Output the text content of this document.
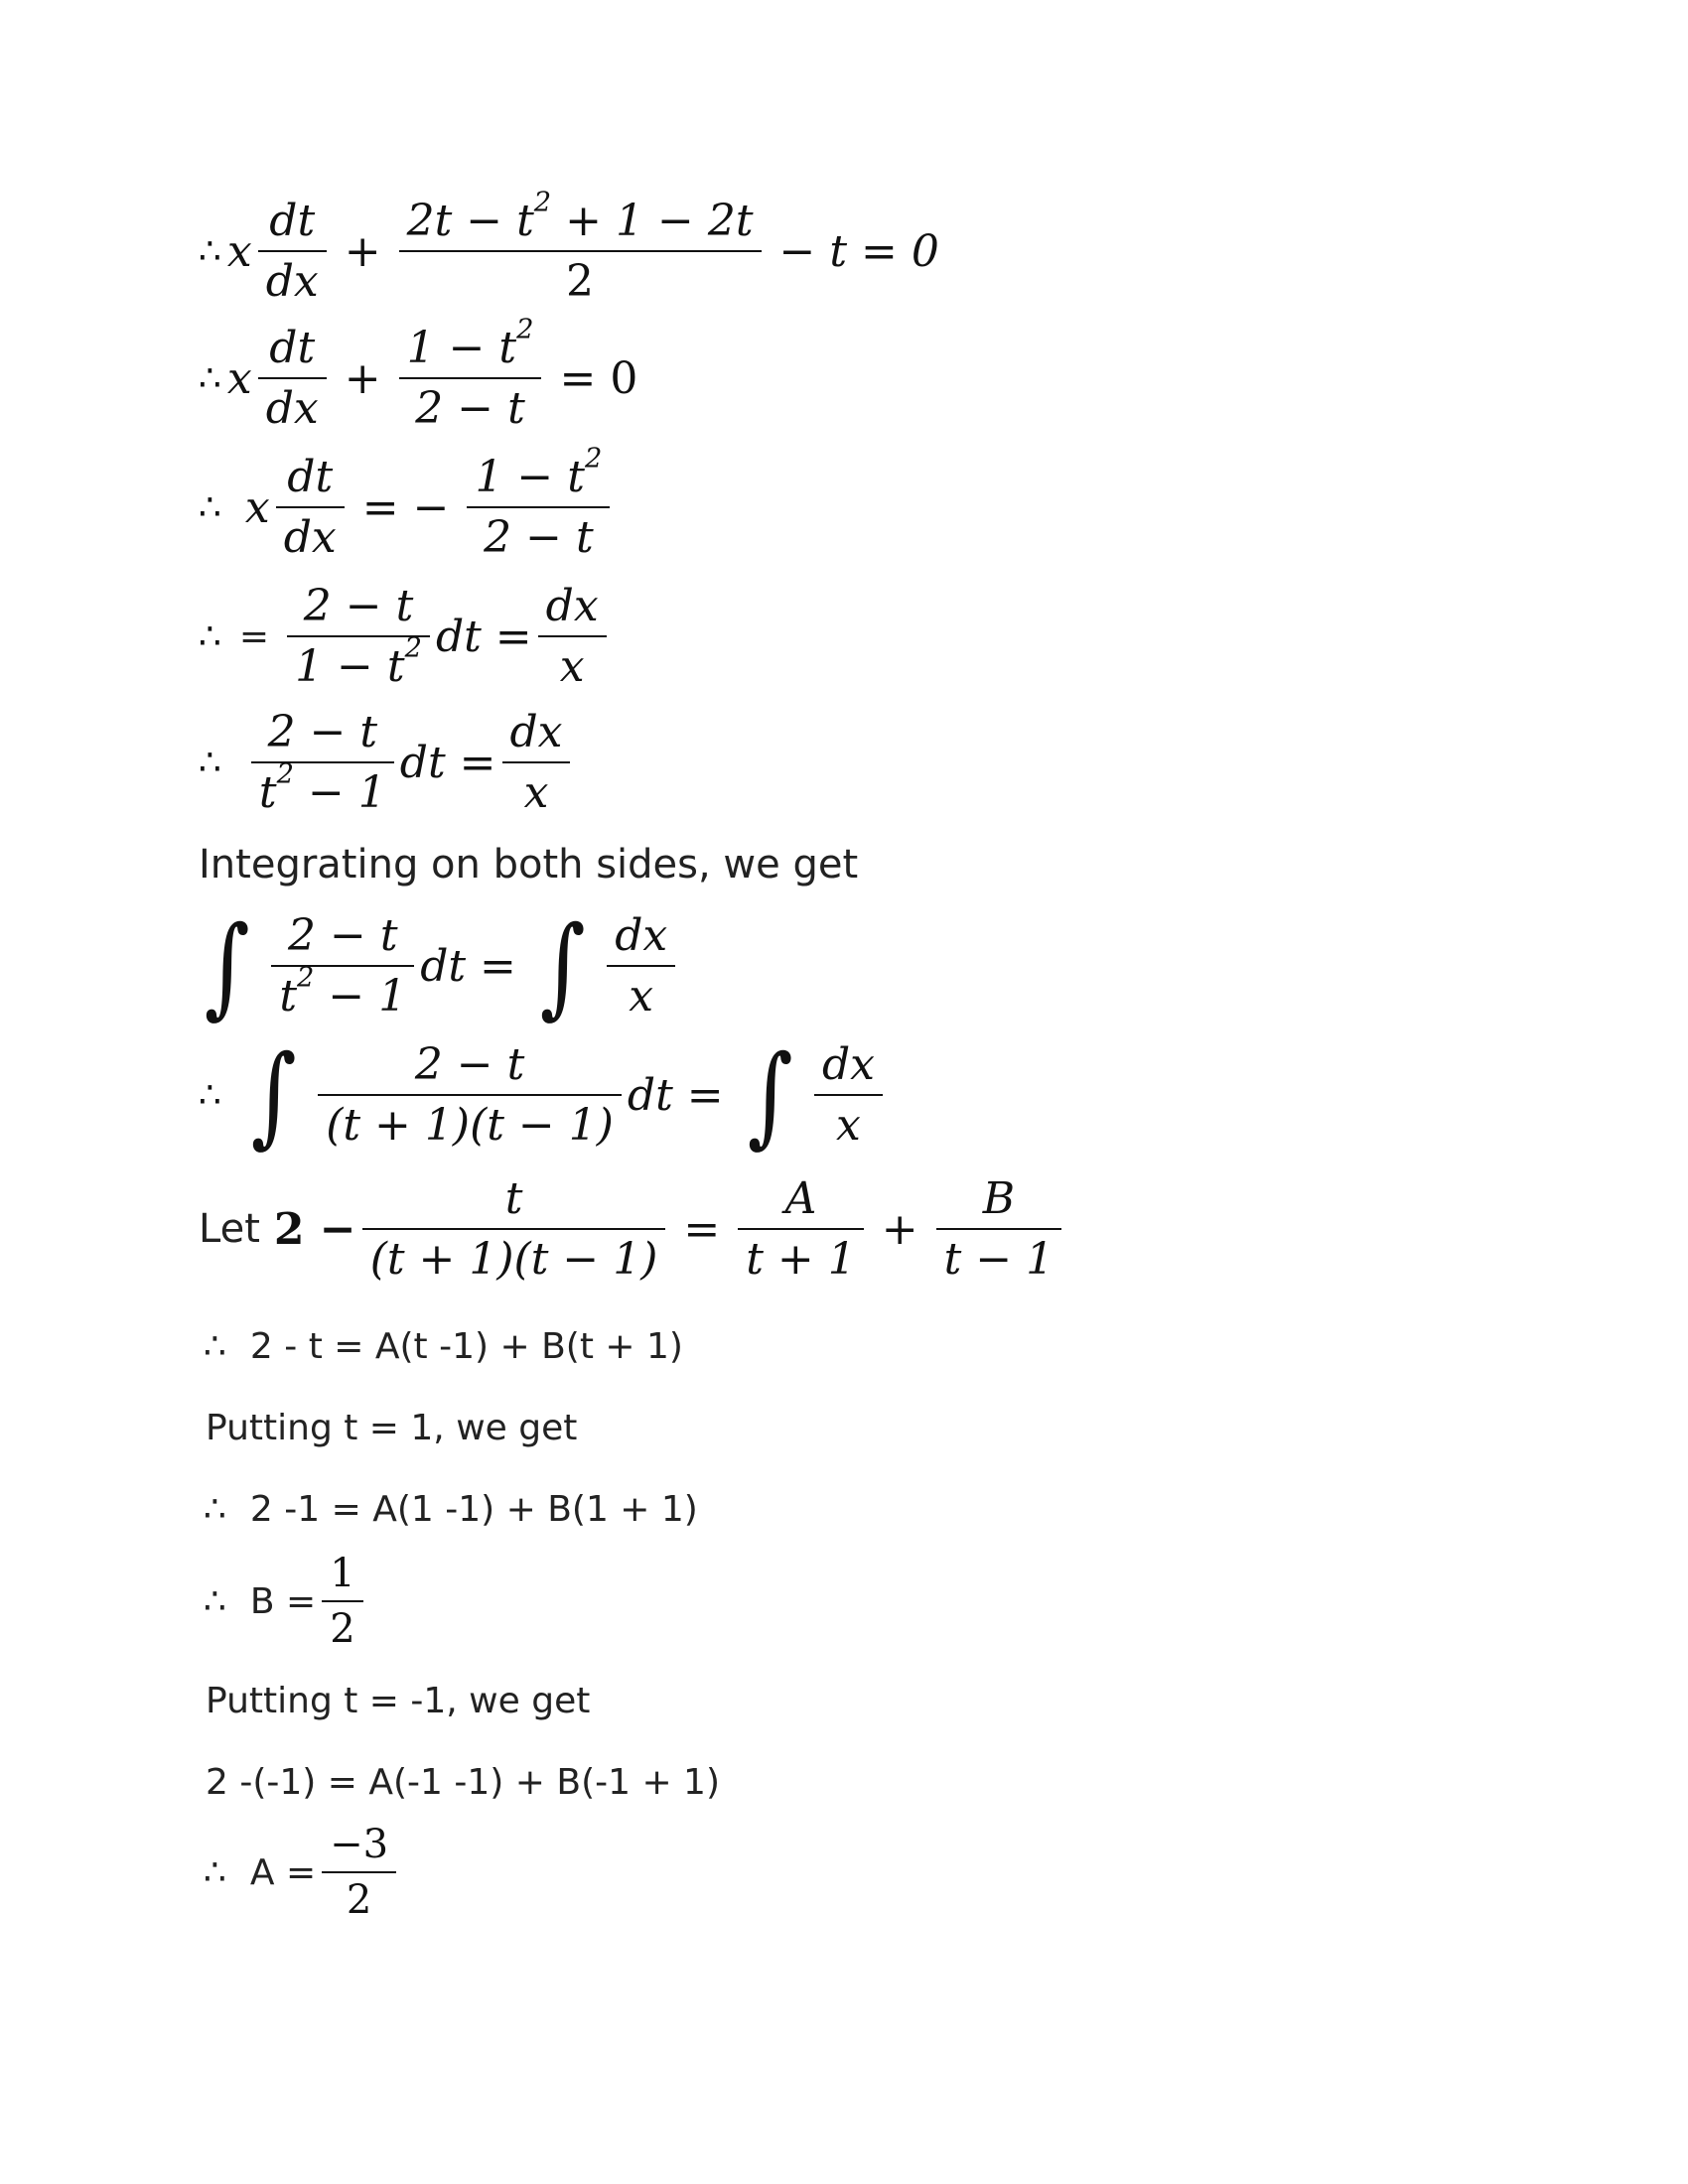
∴ x $\frac{dt}{dx} + \frac{2t - t^2 + 1 - 2t}{2} - t = 0$
∴ x $\frac{dt}{dx} + \frac{1 - t^2}{2 - t} = 0$
∴ x $\frac{dt}{dx}$ = − $\frac{1 - t^2}{2 - t}$
∴ = $\frac{2 - t}{1 - t^2}$ dt = $\frac{dx}{x}$
∴ $\frac{2 - t}{t^2 - 1}$ dt = $\frac{dx}{x}$
Integrating on both sides, we get
∫ $\frac{2 - t}{t^2 - 1}$ dt = ∫ $\frac{dx}{x}$
∴ ∫ $\frac{2 - t}{(t + 1)(t - 1)}$ dt = ∫ $\frac{dx}{x}$
Let $2 - \frac{t}{(t + 1)(t - 1)} = \frac{A}{t + 1} + \frac{B}{t - 1}$
∴ 2 - t = A(t -1) + B(t + 1)
Putting t = 1, we get
∴ 2 -1 = A(1 -1) + B(1 + 1)
∴ $B = \frac{1}{2}$
Putting t = -1, we get
2 -(-1) = A(-1 -1) + B(-1 + 1)
∴ $A = \frac{-3}{2}$
